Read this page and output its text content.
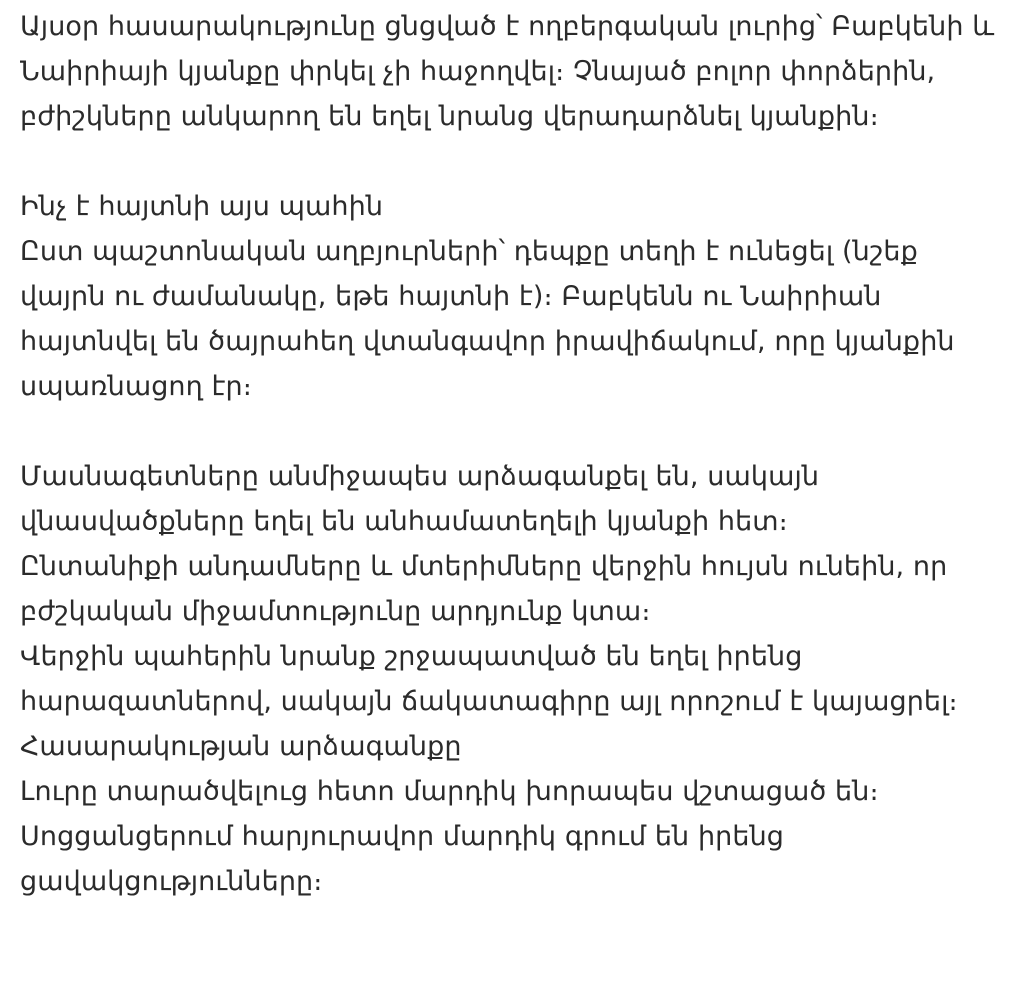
Այսօր հասարակությունը ցնցված է ողբերգական լուրից՝ Բաբկենի և
Նաիրիայի կյանքը փրկել չի հաջողվել։ Չնայած բոլոր փորձերին,
բժիշկները անկարող են եղել նրանց վերադարձնել կյանքին։
Ինչ է հայտնի այս պահին
Ըստ պաշտոնական աղբյուրների՝ դեպքը տեղի է ունեցել (նշեք
վայրն ու ժամանակը, եթե հայտնի է)։ Բաբկենն ու Նաիրիան
հայտնվել են ծայրահեղ վտանգավոր իրավիճակում, որը կյանքին
սպառնացող էր։
Մասնագետները անմիջապես արձագանքել են, սակայն
վնասվածքները եղել են անհամատեղելի կյանքի հետ։
Ընտանիքի անդամները և մտերիմները վերջին հույսն ունեին, որ
բժշկական միջամտությունը արդյունք կտա։
Վերջին պահերին նրանք շրջապատված են եղել իրենց
հարազատներով, սակայն ճակատագիրը այլ որոշում է կայացրել։
Հասարակության արձագանքը
Լուրը տարածվելուց հետո մարդիկ խորապես վշտացած են։
Սոցցանցերում հարյուրավոր մարդիկ գրում են իրենց
ցավակցությունները։
